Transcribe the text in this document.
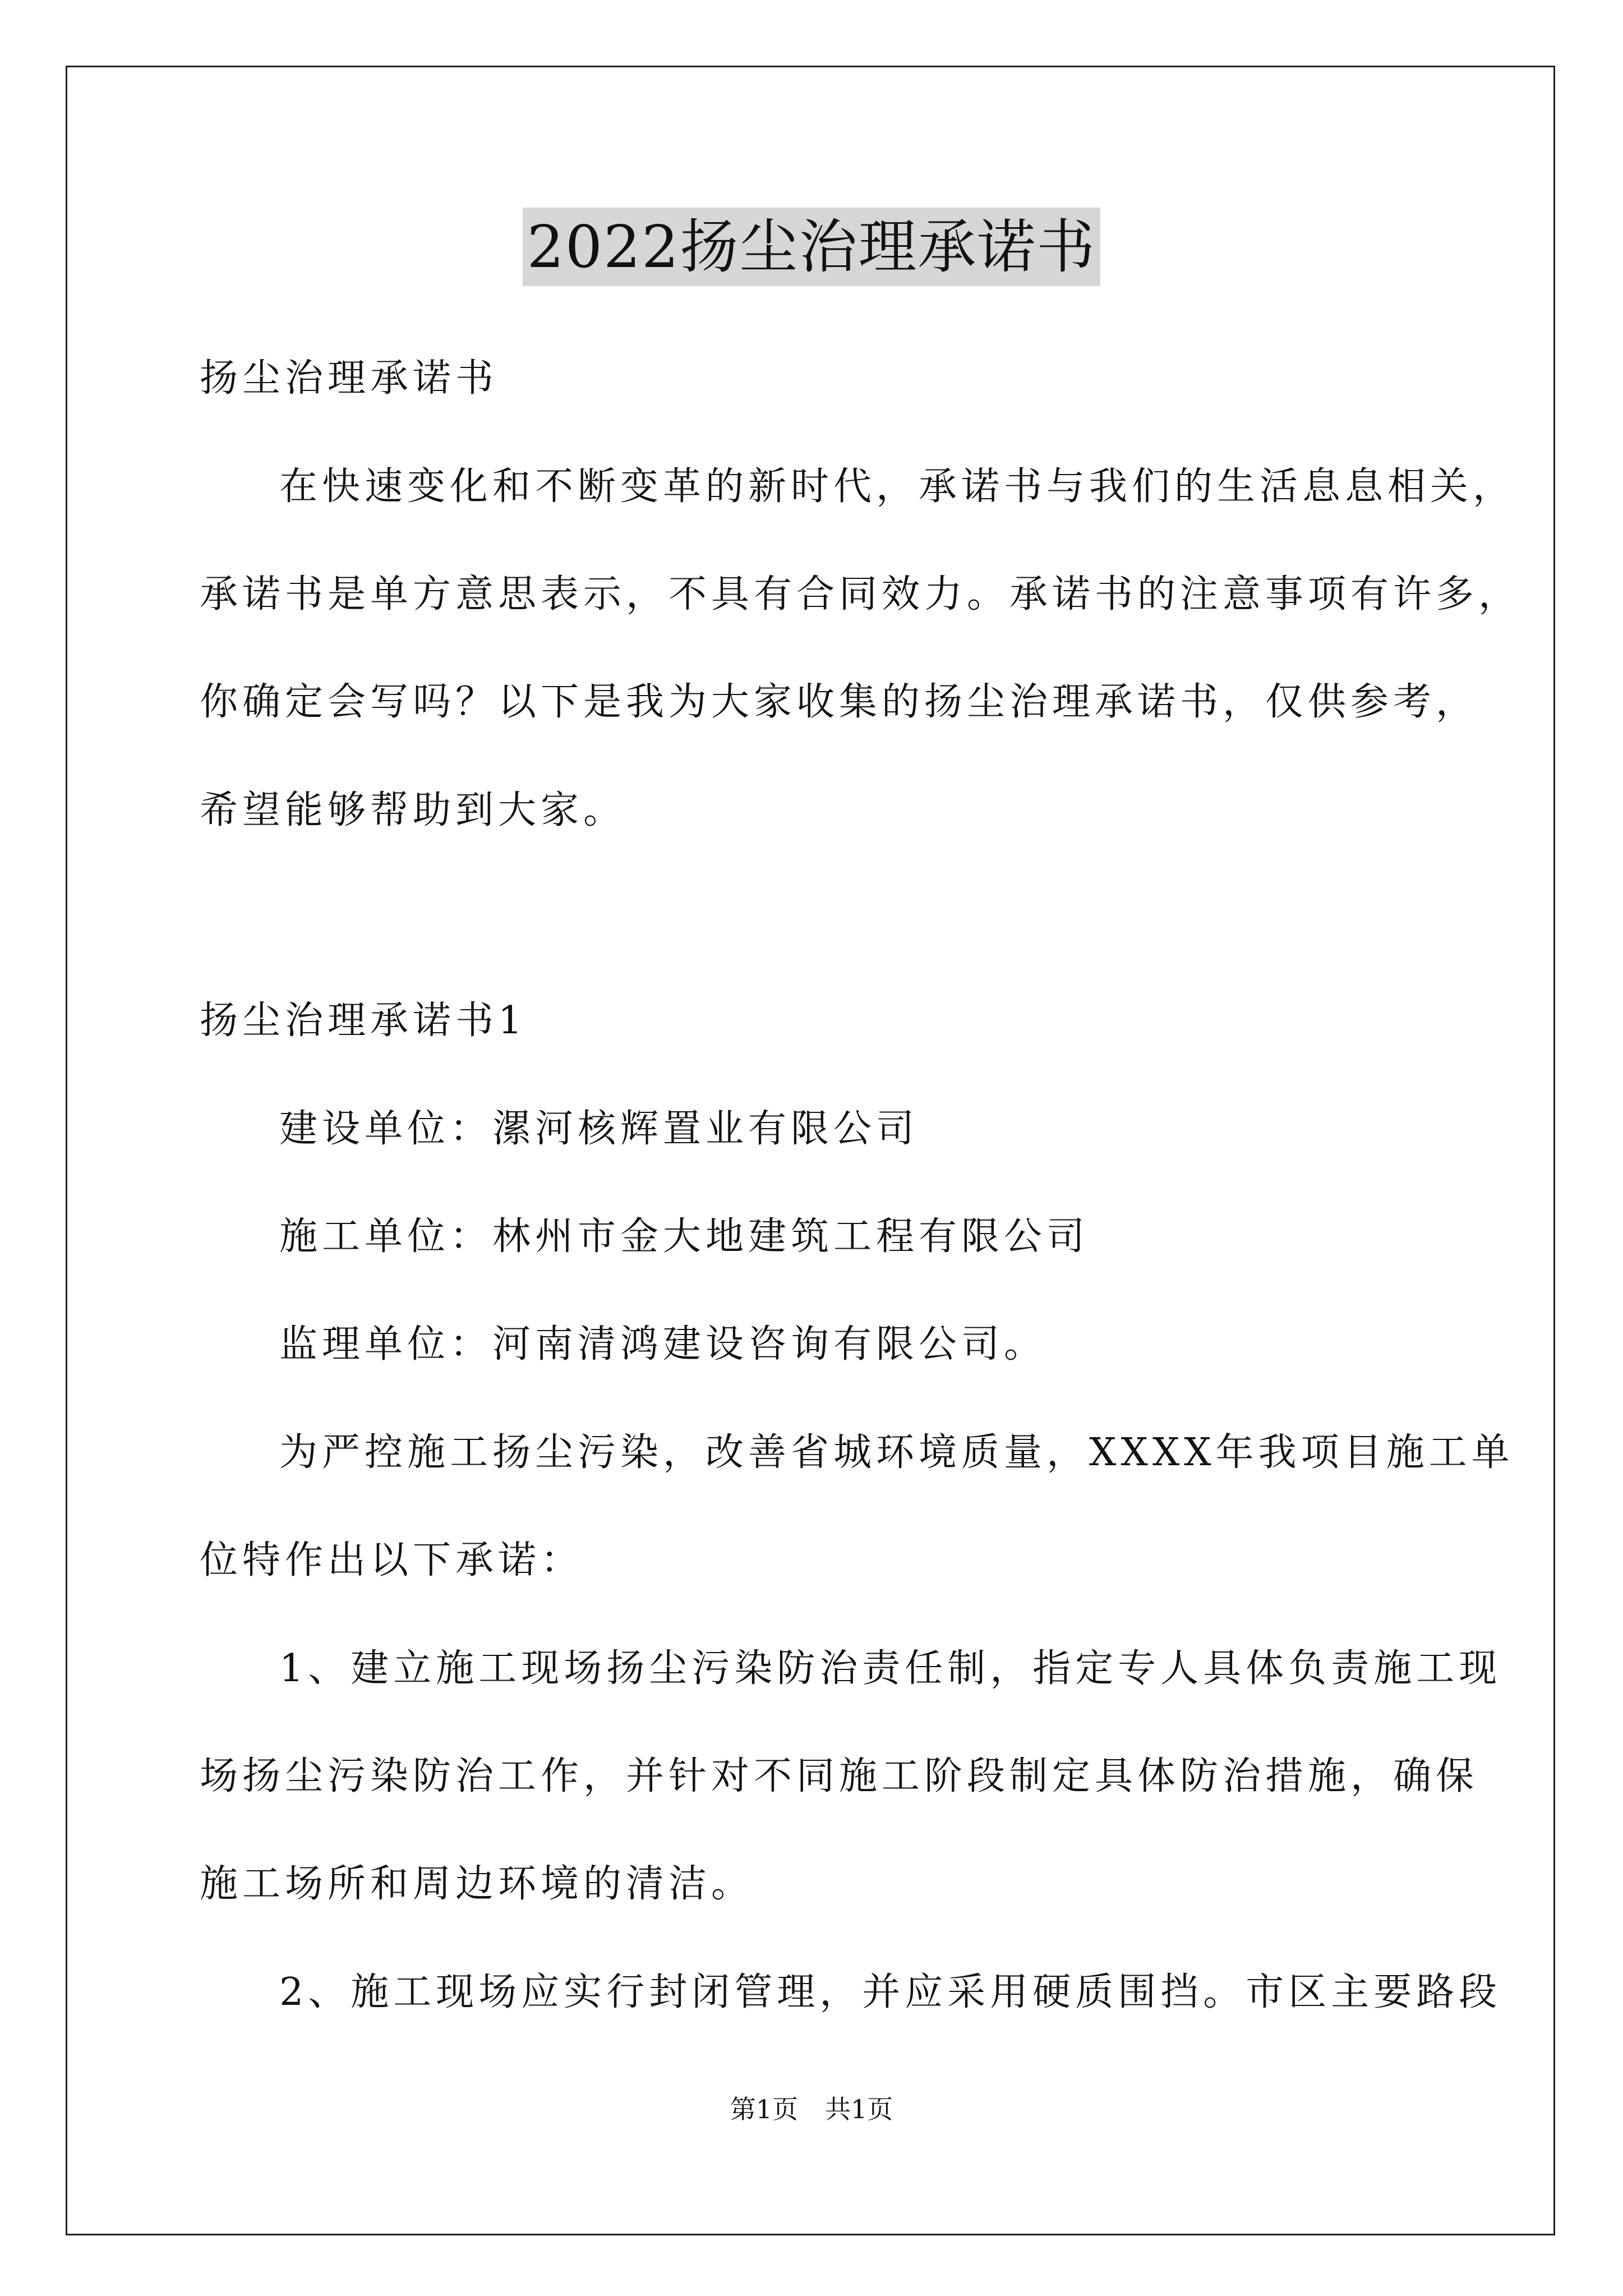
2022扬尘治理承诺书
扬尘治理承诺书
在快速变化和不断变革的新时代，承诺书与我们的生活息息相关，
承诺书是单方意思表示，不具有合同效力。承诺书的注意事项有许多，
你确定会写吗？以下是我为大家收集的扬尘治理承诺书，仅供参考，
希望能够帮助到大家。
扬尘治理承诺书1
建设单位：漯河核辉置业有限公司
施工单位：林州市金大地建筑工程有限公司
监理单位：河南清鸿建设咨询有限公司。
为严控施工扬尘污染，改善省城环境质量，XXXX年我项目施工单
位特作出以下承诺：
1、建立施工现场扬尘污染防治责任制，指定专人具体负责施工现
场扬尘污染防治工作，并针对不同施工阶段制定具体防治措施，确保
施工场所和周边环境的清洁。
2、施工现场应实行封闭管理，并应采用硬质围挡。市区主要路段
第1页 共1页
